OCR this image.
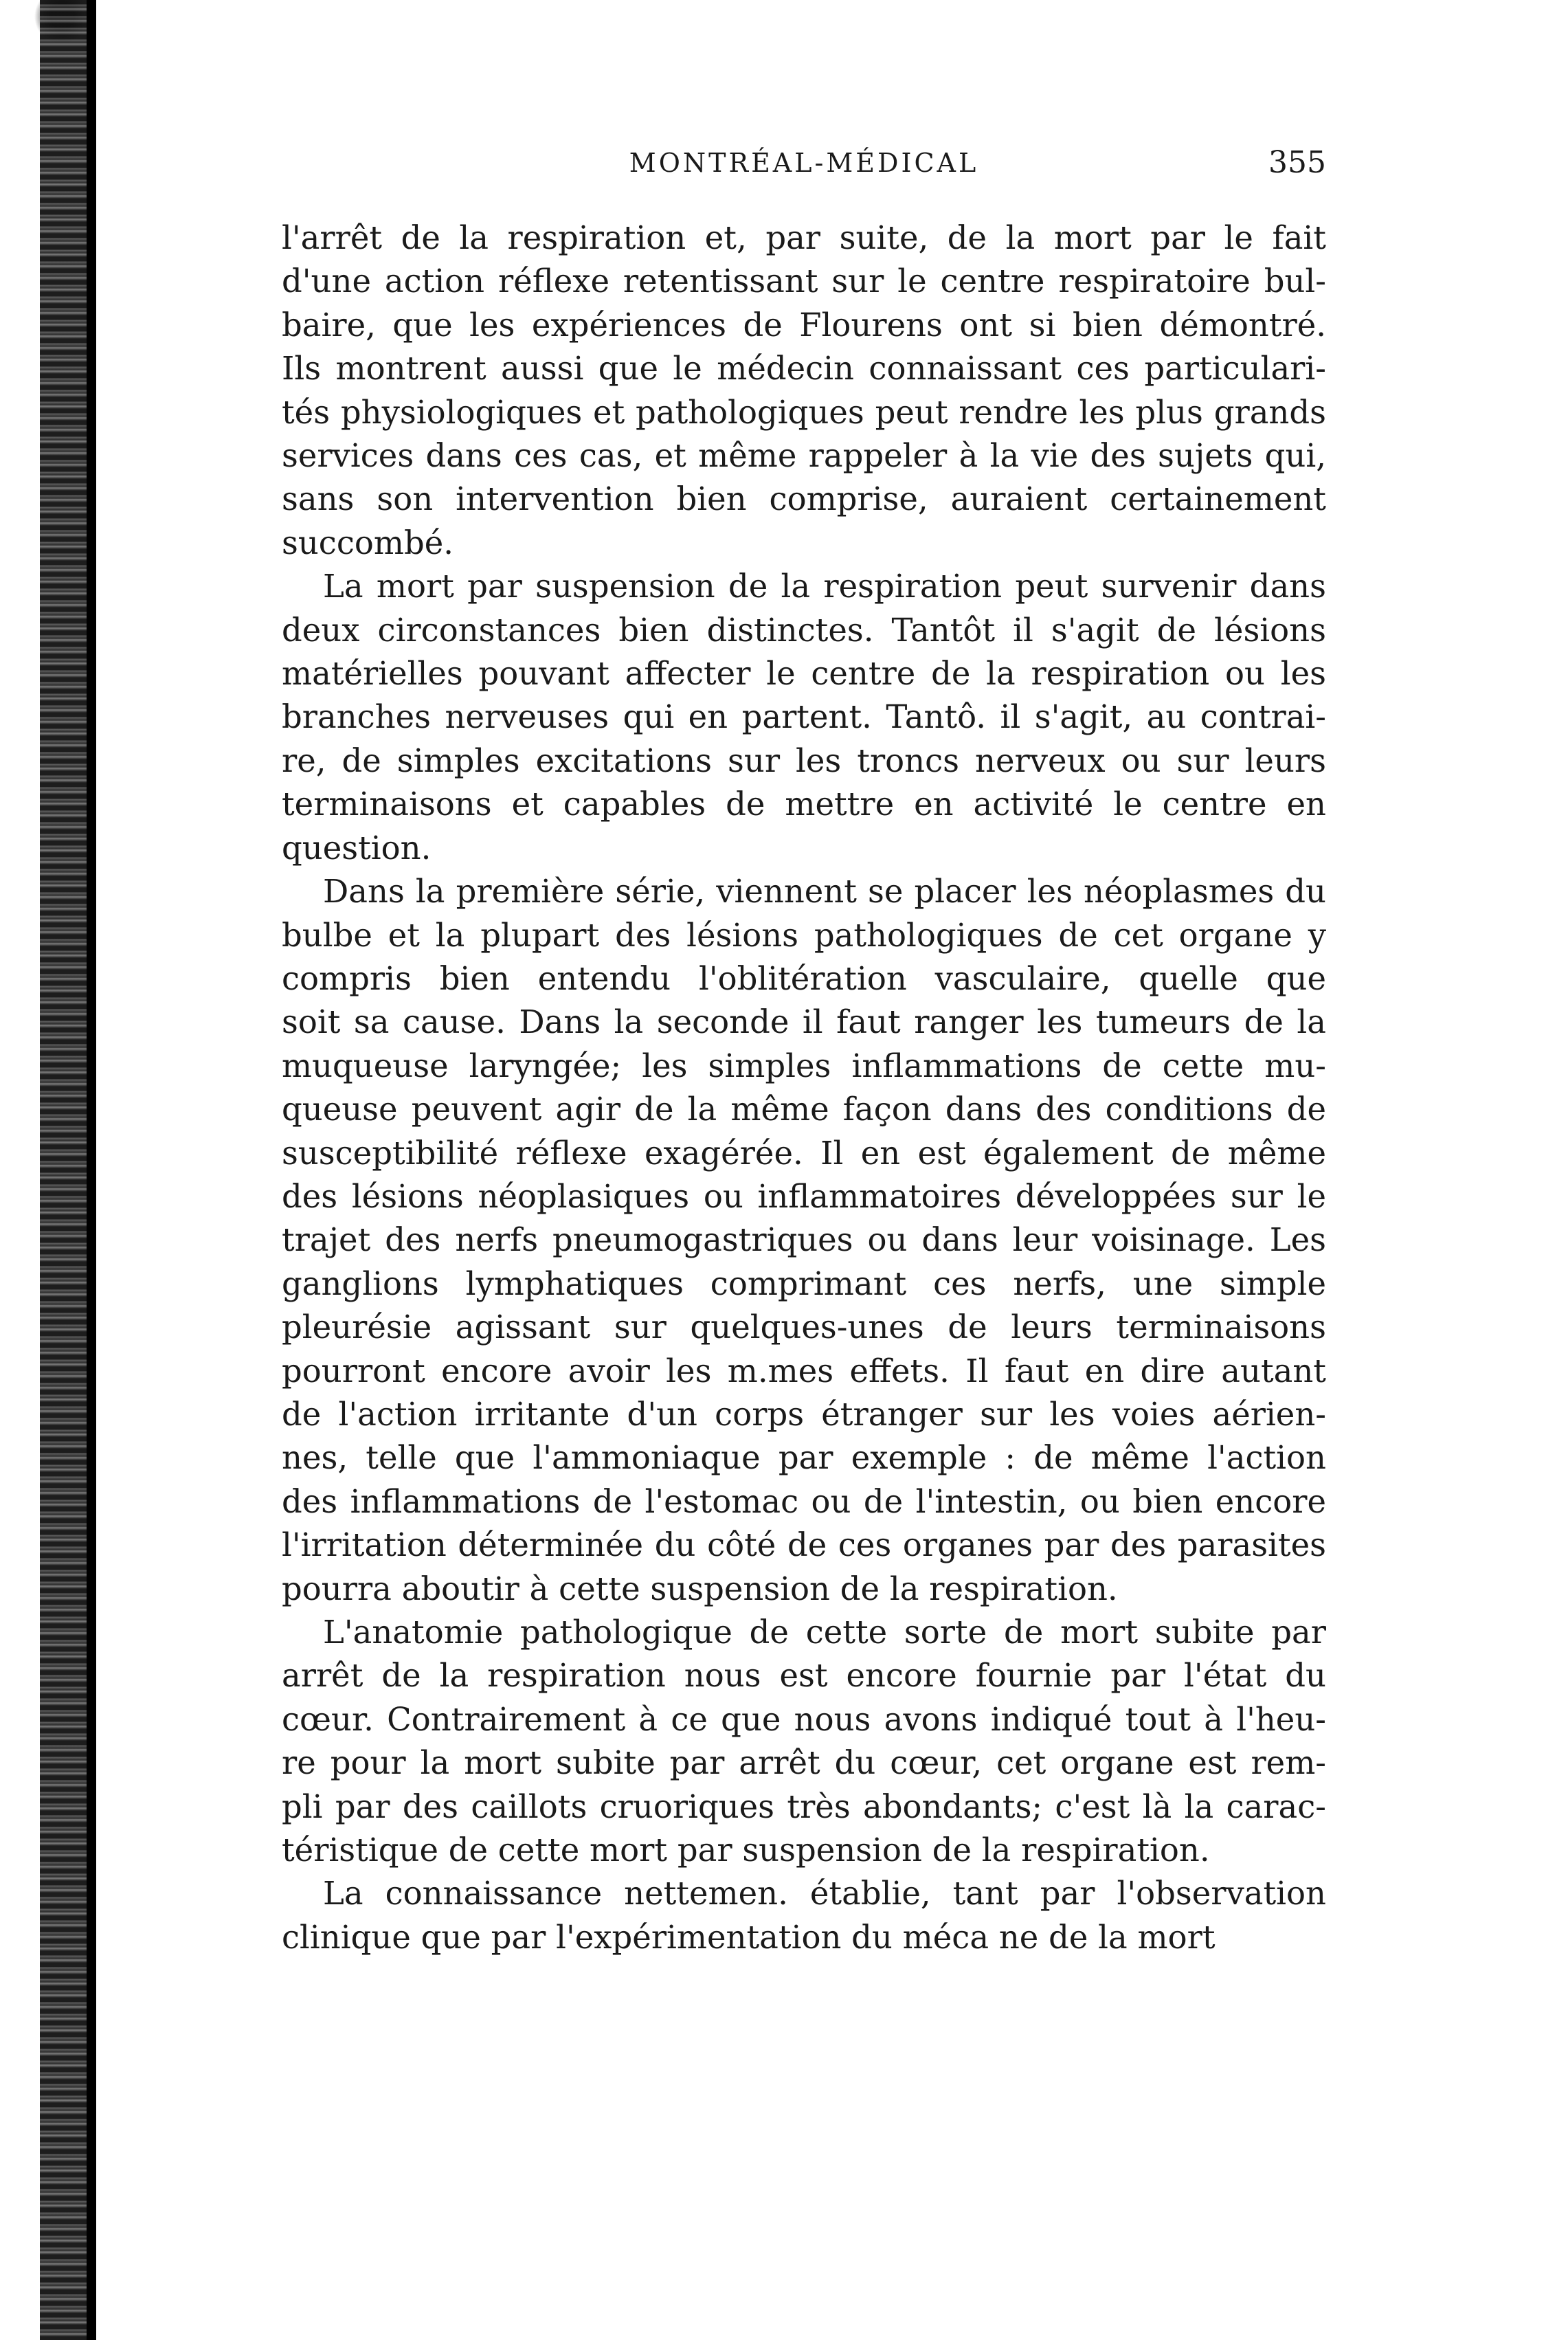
MONTRÉAL-MÉDICAL	355
l'arrêt de la respiration et, par suite, de la mort par le fait
d'une action réflexe retentissant sur le centre respiratoire bul-
baire, que les expériences de Flourens ont si bien démontré.
Ils montrent aussi que le médecin connaissant ces particulari-
tés physiologiques et pathologiques peut rendre les plus grands
services dans ces cas, et même rappeler à la vie des sujets qui,
sans son intervention bien comprise, auraient certainement
succombé.
La mort par suspension de la respiration peut survenir dans
deux circonstances bien distinctes. Tantôt il s'agit de lésions
matérielles pouvant affecter le centre de la respiration ou les
branches nerveuses qui en partent. Tantô. il s'agit, au contrai-
re, de simples excitations sur les troncs nerveux ou sur leurs
terminaisons et capables de mettre en activité le centre en
question.
Dans la première série, viennent se placer les néoplasmes du
bulbe et la plupart des lésions pathologiques de cet organe y
compris bien entendu l'oblitération vasculaire, quelle que
soit sa cause. Dans la seconde il faut ranger les tumeurs de la
muqueuse laryngée; les simples inflammations de cette mu-
queuse peuvent agir de la même façon dans des conditions de
susceptibilité réflexe exagérée. Il en est également de même
des lésions néoplasiques ou inflammatoires développées sur le
trajet des nerfs pneumogastriques ou dans leur voisinage. Les
ganglions lymphatiques comprimant ces nerfs, une simple
pleurésie agissant sur quelques-unes de leurs terminaisons
pourront encore avoir les m.mes effets. Il faut en dire autant
de l'action irritante d'un corps étranger sur les voies aérien-
nes, telle que l'ammoniaque par exemple : de même l'action
des inflammations de l'estomac ou de l'intestin, ou bien encore
l'irritation déterminée du côté de ces organes par des parasites
pourra aboutir à cette suspension de la respiration.
L'anatomie pathologique de cette sorte de mort subite par
arrêt de la respiration nous est encore fournie par l'état du
cœur. Contrairement à ce que nous avons indiqué tout à l'heu-
re pour la mort subite par arrêt du cœur, cet organe est rem-
pli par des caillots cruoriques très abondants; c'est là la carac-
téristique de cette mort par suspension de la respiration.
La connaissance nettemen. établie, tant par l'observation
clinique que par l'expérimentation du méca ne de la mort
